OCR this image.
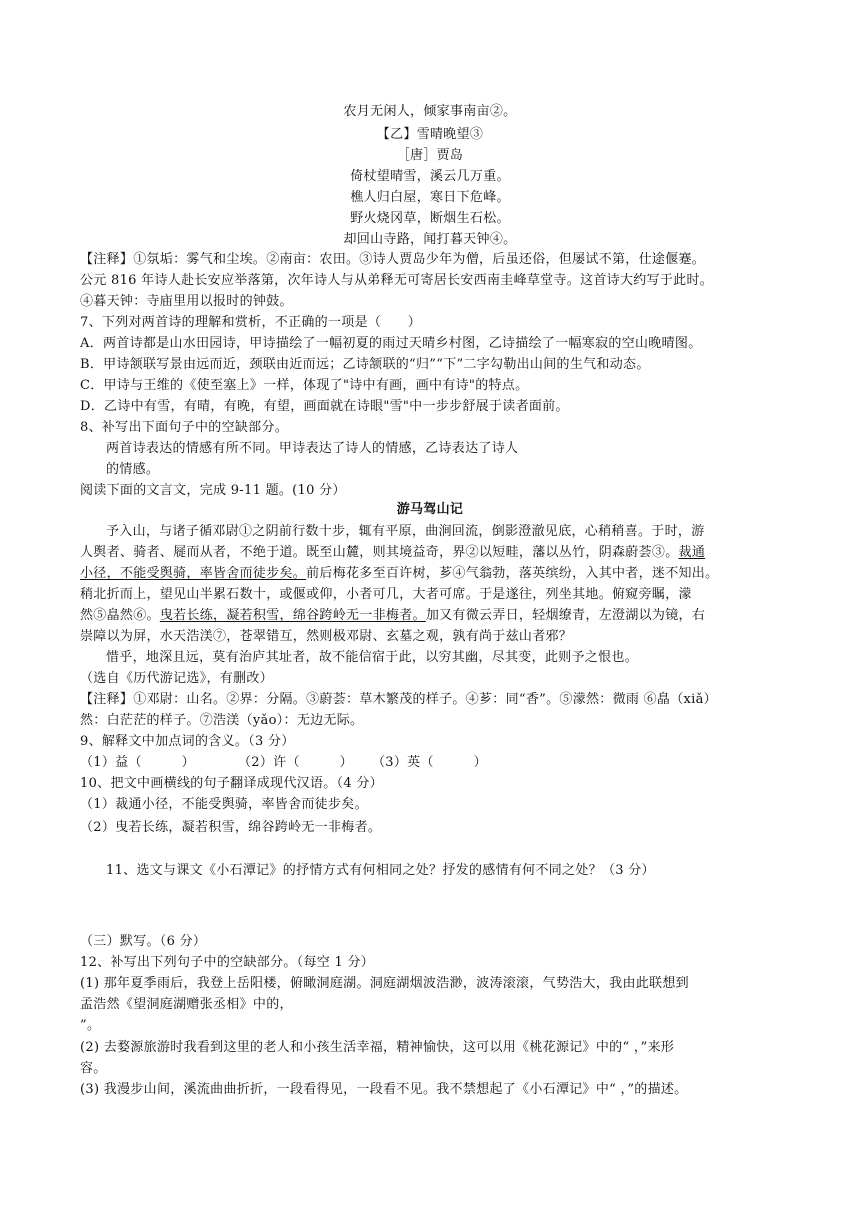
农月无闲人，倾家事南亩②。
【乙】雪晴晚望③
［唐］贾岛
倚杖望晴雪，溪云几万重。
樵人归白屋，寒日下危峰。
野火烧冈草，断烟生石松。
却回山寺路，闻打暮天钟④。
【注释】①氛垢：雾气和尘埃。②南亩：农田。③诗人贾岛少年为僧，后虽还俗，但屡试不第，仕途偃蹇。
公元 816 年诗人赴长安应举落第，次年诗人与从弟释无可寄居长安西南圭峰草堂寺。这首诗大约写于此时。
④暮天钟：寺庙里用以报时的钟鼓。
7、下列对两首诗的理解和赏析，不正确的一项是（　　）
A．两首诗都是山水田园诗，甲诗描绘了一幅初夏的雨过天晴乡村图，乙诗描绘了一幅寒寂的空山晚晴图。
B．甲诗颔联写景由远而近，颈联由近而远；乙诗颔联的“归”“下”二字勾勒出山间的生气和动态。
C．甲诗与王维的《使至塞上》一样，体现了"诗中有画，画中有诗"的特点。
D．乙诗中有雪，有晴，有晚，有望，画面就在诗眼"雪"中一步步舒展于读者面前。
8、补写出下面句子中的空缺部分。
两首诗表达的情感有所不同。甲诗表达了诗人的情感，乙诗表达了诗人
的情感。
阅读下面的文言文，完成 9-11 题。(10 分）
游马驾山记
予入山，与诸子循邓尉①之阴前行数十步，辄有平原，曲涧回流，倒影澄澈见底，心稍稍喜。于时，游
人舆者、骑者、屣而从者，不绝于道。既至山麓，则其境益奇，界②以短畦，藩以丛竹，阴森蔚荟③。裁通
小径，不能受舆骑，率皆舍而徒步矣。前后梅花多至百许树，芗④气翁勃，落英缤纷，入其中者，迷不知出。
稍北折而上，望见山半累石数十，或偃或仰，小者可几，大者可席。于是遂往，列坐其地。俯窥旁瞩，濛
然⑤皛然⑥。曳若长练，凝若积雪，绵谷跨岭无一非梅者。加又有微云弄日，轻烟缭青，左澄湖以为镜，右
崇障以为屏，水天浩渼⑦，苍翠错互，然则极邓尉、玄墓之观，孰有尚于兹山者邪？
惜乎，地深且远，莫有治庐其址者，故不能信宿于此，以穷其幽，尽其变，此则予之恨也。
（选自《历代游记选》，有删改）
【注释】①邓尉：山名。②界：分隔。③蔚荟：草木繁茂的样子。④芗：同“香”。⑤濛然：微雨 ⑥皛（xiǎ）
然：白茫茫的样子。⑦浩渼（yǎo）：无边无际。
9、解释文中加点词的含义。（3 分）
（1）益（　　　）	（2）许（　　　） （3）英（　　　）
10、把文中画横线的句子翻译成现代汉语。（4 分）
（1）裁通小径，不能受舆骑，率皆舍而徒步矣。
（2）曳若长练，凝若积雪，绵谷跨岭无一非梅者。
11、选文与课文《小石潭记》的抒情方式有何相同之处？抒发的感情有何不同之处？（3 分）
（三）默写。（6 分）
12、补写出下列句子中的空缺部分。（每空 1 分）
(1) 那年夏季雨后，我登上岳阳楼，俯瞰洞庭湖。洞庭湖烟波浩渺，波涛滚滚，气势浩大，我由此联想到
孟浩然《望洞庭湖赠张丞相》中的，
”。
(2) 去婺源旅游时我看到这里的老人和小孩生活幸福，精神愉快，这可以用《桃花源记》中的“ ，”来形
容。
(3) 我漫步山间，溪流曲曲折折，一段看得见，一段看不见。我不禁想起了《小石潭记》中“ ，”的描述。
